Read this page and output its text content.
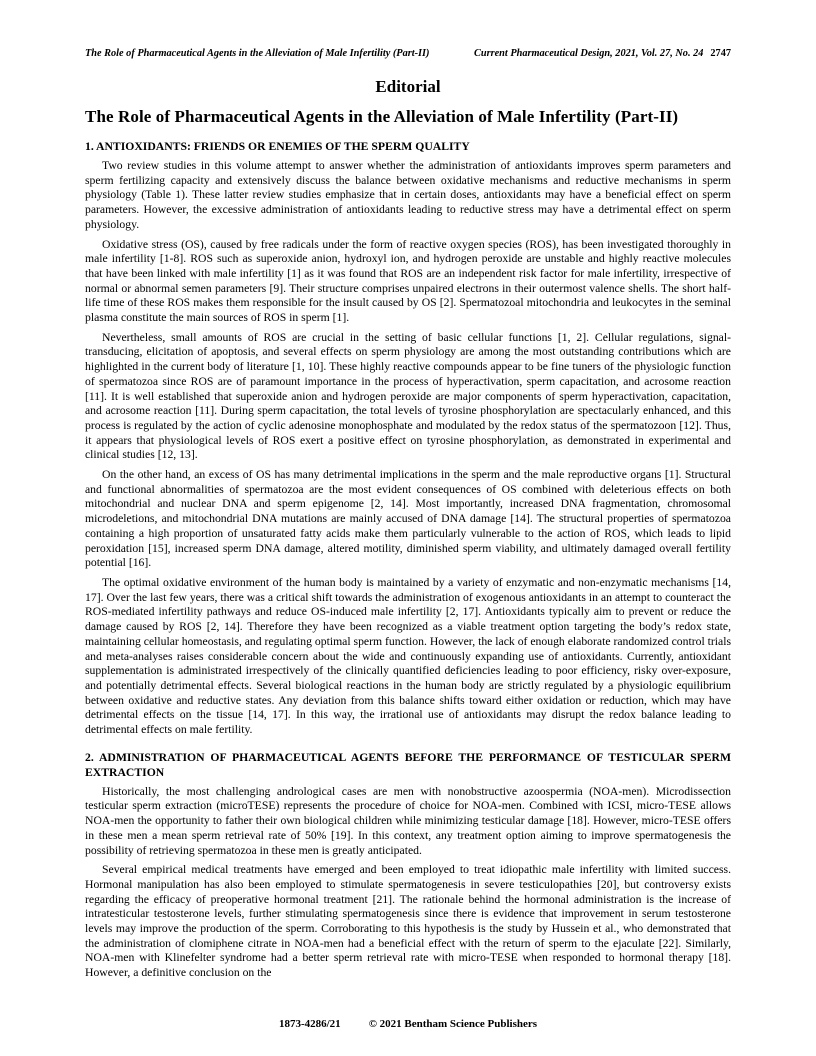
The Role of Pharmaceutical Agents in the Alleviation of Male Infertility (Part-II)	Current Pharmaceutical Design, 2021, Vol. 27, No. 24 2747
Editorial
The Role of Pharmaceutical Agents in the Alleviation of Male Infertility (Part-II)
1. ANTIOXIDANTS: FRIENDS OR ENEMIES OF THE SPERM QUALITY

Two review studies in this volume attempt to answer whether the administration of antioxidants improves sperm parameters and sperm fertilizing capacity and extensively discuss the balance between oxidative mechanisms and reductive mechanisms in sperm physiology (Table 1). These latter review studies emphasize that in certain doses, antioxidants may have a beneficial effect on sperm parameters. However, the excessive administration of antioxidants leading to reductive stress may have a detrimental effect on sperm physiology.

Oxidative stress (OS), caused by free radicals under the form of reactive oxygen species (ROS), has been investigated thoroughly in male infertility [1-8]. ROS such as superoxide anion, hydroxyl ion, and hydrogen peroxide are unstable and highly reactive molecules that have been linked with male infertility [1] as it was found that ROS are an independent risk factor for male infertility, irrespective of normal or abnormal semen parameters [9]. Their structure comprises unpaired electrons in their outermost valence shells. The short half-life time of these ROS makes them responsible for the insult caused by OS [2]. Spermatozoal mitochondria and leukocytes in the seminal plasma constitute the main sources of ROS in sperm [1].

Nevertheless, small amounts of ROS are crucial in the setting of basic cellular functions [1, 2]. Cellular regulations, signal-transducing, elicitation of apoptosis, and several effects on sperm physiology are among the most outstanding contributions which are highlighted in the current body of literature [1, 10]. These highly reactive compounds appear to be fine tuners of the physiologic function of spermatozoa since ROS are of paramount importance in the process of hyperactivation, sperm capacitation, and acrosome reaction [11]. It is well established that superoxide anion and hydrogen peroxide are major components of sperm hyperactivation, capacitation, and acrosome reaction [11]. During sperm capacitation, the total levels of tyrosine phosphorylation are spectacularly enhanced, and this process is regulated by the action of cyclic adenosine monophosphate and modulated by the redox status of the spermatozoon [12]. Thus, it appears that physiological levels of ROS exert a positive effect on tyrosine phosphorylation, as demonstrated in experimental and clinical studies [12, 13].

On the other hand, an excess of OS has many detrimental implications in the sperm and the male reproductive organs [1]. Structural and functional abnormalities of spermatozoa are the most evident consequences of OS combined with deleterious effects on both mitochondrial and nuclear DNA and sperm epigenome [2, 14]. Most importantly, increased DNA fragmentation, chromosomal microdeletions, and mitochondrial DNA mutations are mainly accused of DNA damage [14]. The structural properties of spermatozoa containing a high proportion of unsaturated fatty acids make them particularly vulnerable to the action of ROS, which leads to lipid peroxidation [15], increased sperm DNA damage, altered motility, diminished sperm viability, and ultimately damaged overall fertility potential [16].

The optimal oxidative environment of the human body is maintained by a variety of enzymatic and non-enzymatic mechanisms [14, 17]. Over the last few years, there was a critical shift towards the administration of exogenous antioxidants in an attempt to counteract the ROS-mediated infertility pathways and reduce OS-induced male infertility [2, 17]. Antioxidants typically aim to prevent or reduce the damage caused by ROS [2, 14]. Therefore they have been recognized as a viable treatment option targeting the body’s redox state, maintaining cellular homeostasis, and regulating optimal sperm function. However, the lack of enough elaborate randomized control trials and meta-analyses raises considerable concern about the wide and continuously expanding use of antioxidants. Currently, antioxidant supplementation is administrated irrespectively of the clinically quantified deficiencies leading to poor efficiency, risky over-exposure, and potentially detrimental effects. Several biological reactions in the human body are strictly regulated by a physiologic equilibrium between oxidative and reductive states. Any deviation from this balance shifts toward either oxidation or reduction, which may have detrimental effects on the tissue [14, 17]. In this way, the irrational use of antioxidants may disrupt the redox balance leading to detrimental effects on male fertility.

2. ADMINISTRATION OF PHARMACEUTICAL AGENTS BEFORE THE PERFORMANCE OF TESTICULAR SPERM EXTRACTION

Historically, the most challenging andrological cases are men with nonobstructive azoospermia (NOA-men). Microdissection testicular sperm extraction (microTESE) represents the procedure of choice for NOA-men. Combined with ICSI, micro-TESE allows NOA-men the opportunity to father their own biological children while minimizing testicular damage [18]. However, micro-TESE offers in these men a mean sperm retrieval rate of 50% [19]. In this context, any treatment option aiming to improve spermatogenesis the possibility of retrieving spermatozoa in these men is greatly anticipated.

Several empirical medical treatments have emerged and been employed to treat idiopathic male infertility with limited success. Hormonal manipulation has also been employed to stimulate spermatogenesis in severe testiculopathies [20], but controversy exists regarding the efficacy of preoperative hormonal treatment [21]. The rationale behind the hormonal administration is the increase of intratesticular testosterone levels, further stimulating spermatogenesis since there is evidence that improvement in serum testosterone levels may improve the production of the sperm. Corroborating to this hypothesis is the study by Hussein et al., who demonstrated that the administration of clomiphene citrate in NOA-men had a beneficial effect with the return of sperm to the ejaculate [22]. Similarly, NOA-men with Klinefelter syndrome had a better sperm retrieval rate with micro-TESE when responded to hormonal therapy [18]. However, a definitive conclusion on the

1873-4286/21	© 2021 Bentham Science Publishers
